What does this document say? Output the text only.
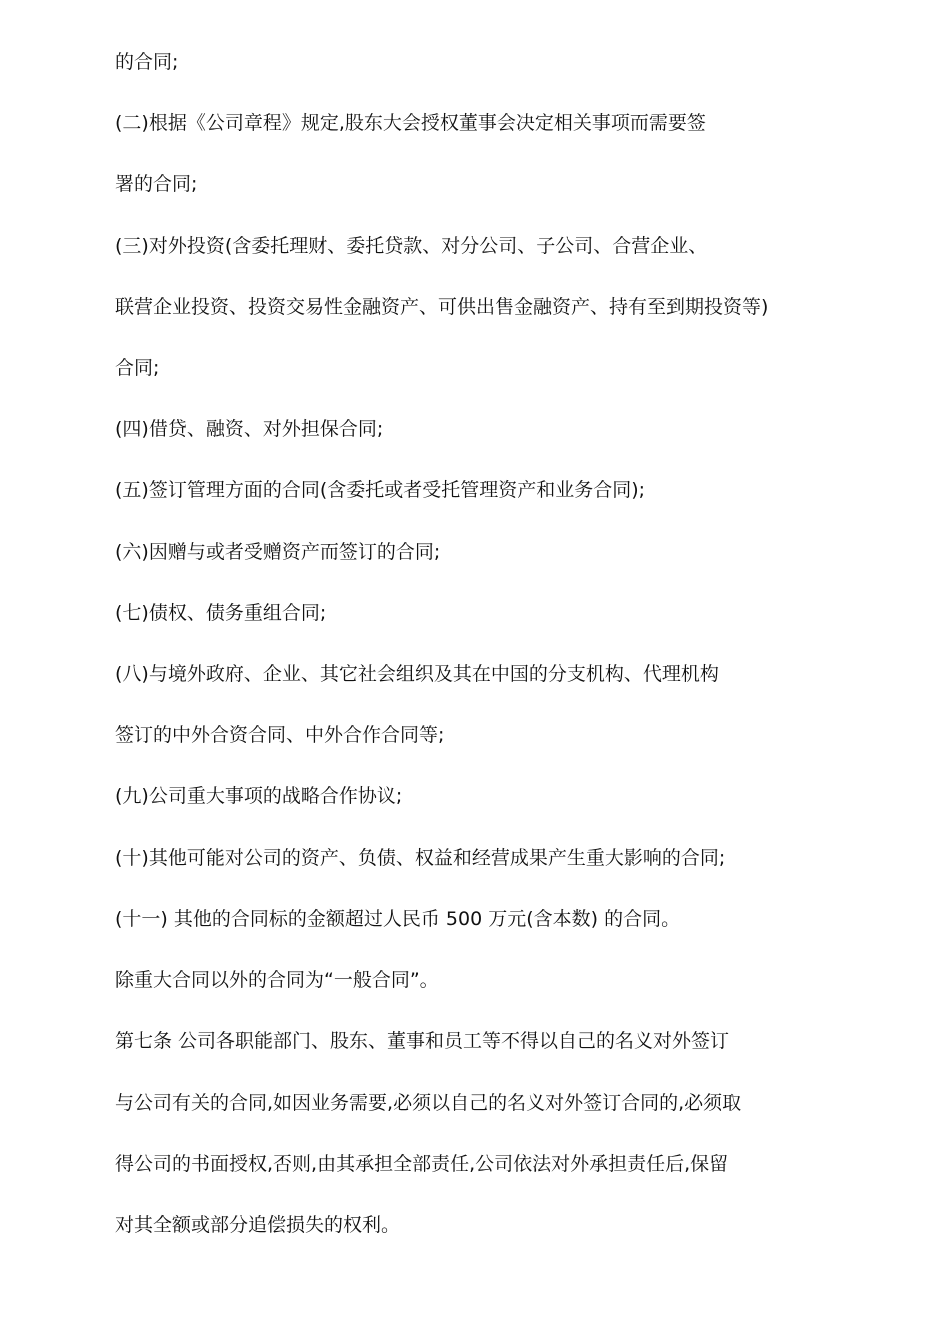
的合同;
(二)根据《公司章程》规定,股东大会授权董事会决定相关事项而需要签
署的合同;
(三)对外投资(含委托理财、委托贷款、对分公司、子公司、合营企业、
联营企业投资、投资交易性金融资产、可供出售金融资产、持有至到期投资等)
合同;
(四)借贷、融资、对外担保合同;
(五)签订管理方面的合同(含委托或者受托管理资产和业务合同);
(六)因赠与或者受赠资产而签订的合同;
(七)债权、债务重组合同;
(八)与境外政府、企业、其它社会组织及其在中国的分支机构、代理机构
签订的中外合资合同、中外合作合同等;
(九)公司重大事项的战略合作协议;
(十)其他可能对公司的资产、负债、权益和经营成果产生重大影响的合同;
(十一) 其他的合同标的金额超过人民币 500 万元(含本数) 的合同。
除重大合同以外的合同为“一般合同”。
第七条 公司各职能部门、股东、董事和员工等不得以自己的名义对外签订
与公司有关的合同,如因业务需要,必须以自己的名义对外签订合同的,必须取
得公司的书面授权,否则,由其承担全部责任,公司依法对外承担责任后,保留
对其全额或部分追偿损失的权利。
